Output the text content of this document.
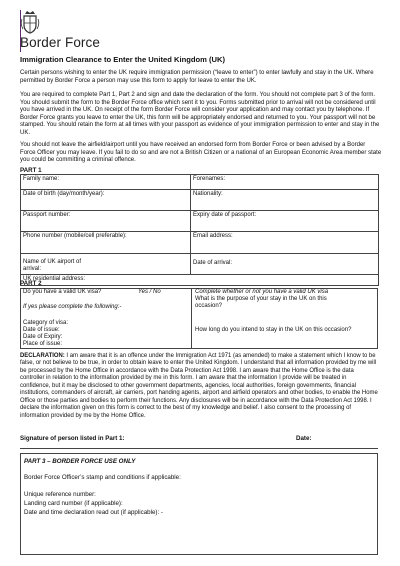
Border Force
Immigration Clearance to Enter the United Kingdom (UK)

Certain persons wishing to enter the UK require immigration permission (“leave to enter”) to enter lawfully and stay in the UK. Where permitted by Border Force a person may use this form to apply for leave to enter the UK.

You are required to complete Part 1, Part 2 and sign and date the declaration of the form. You should not complete part 3 of the form. You should submit the form to the Border Force office which sent it to you. Forms submitted prior to arrival will not be considered until you have arrived in the UK. On receipt of the form Border Force will consider your application and may contact you by telephone. If Border Force grants you leave to enter the UK, this form will be appropriately endorsed and returned to you. Your passport will not be stamped. You should retain the form at all times with your passport as evidence of your immigration permission to enter and stay in the UK.

You should not leave the airfield/airport until you have received an endorsed form from Border Force or been advised by a Border Force Officer you may leave. If you fail to do so and are not a British Citizen or a national of an European Economic Area member state you could be committing a criminal offence.

PART 1
Family name:	Forenames:
Date of birth (day/month/year):	Nationality:
Passport number:	Expiry date of passport:
Phone number (mobile/cell preferable):	Email address:
Name of UK airport of
arrival:	Date of arrival:
UK residential address:	
PART 2
Do you have a valid UK visa?	Yes / No
If yes please complete the following:-
Category of visa:
Date of issue:
Date of Expiry:
Place of issue:
Complete whether or not you have a valid UK visa
What is the purpose of your stay in the UK on this
occasion?
How long do you intend to stay in the UK on this occasion?

DECLARATION: I am aware that it is an offence under the Immigration Act 1971 (as amended) to make a statement which I know to be false, or not believe to be true, in order to obtain leave to enter the United Kingdom. I understand that all information provided by me will be processed by the Home Office in accordance with the Data Protection Act 1998. I am aware that the Home Office is the data controller in relation to the information provided by me in this form. I am aware that the information I provide will be treated in confidence, but it may be disclosed to other government departments, agencies, local authorities, foreign governments, financial institutions, commanders of aircraft, air carriers, port handing agents, airport and airfield operators and other bodies, to enable the Home Office or those parties and bodies to perform their functions. Any disclosures will be in accordance with the Data Protection Act 1998. I declare the information given on this form is correct to the best of my knowledge and belief. I also consent to the processing of information provided by me by the Home Office.

Signature of person listed in Part 1:	Date:
PART 3 – BORDER FORCE USE ONLY
Border Force Officer’s stamp and conditions if applicable:
Unique reference number:
Landing card number (if applicable):
Date and time declaration read out (if applicable): -
